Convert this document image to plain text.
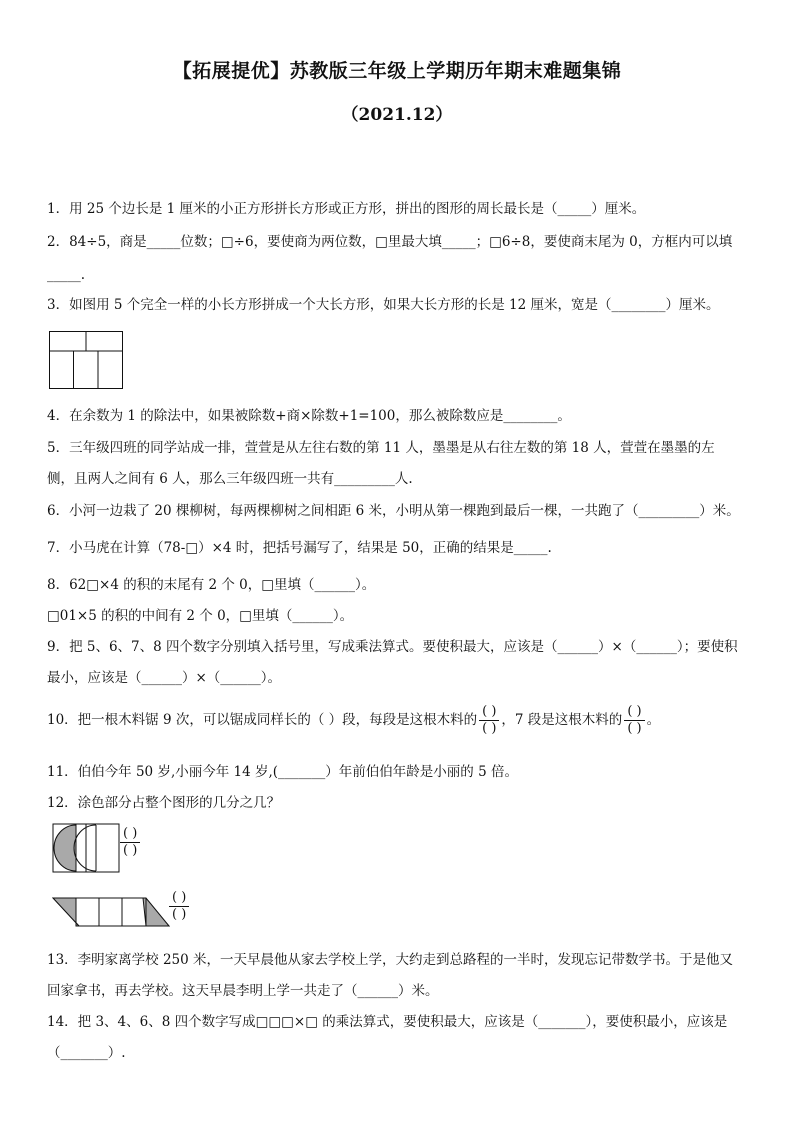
【拓展提优】苏教版三年级上学期历年期末难题集锦
（2021.12）
1．用 25 个边长是 1 厘米的小正方形拼长方形或正方形，拼出的图形的周长最长是（_____）厘米。
2．84÷5，商是_____位数；□÷6，要使商为两位数，□里最大填_____；□6÷8，要使商末尾为 0，方框内可以填
_____.
3．如图用 5 个完全一样的小长方形拼成一个大长方形，如果大长方形的长是 12 厘米，宽是（________）厘米。
4．在余数为 1 的除法中，如果被除数+商×除数+1=100，那么被除数应是________。
5．三年级四班的同学站成一排，萱萱是从左往右数的第 11 人，墨墨是从右往左数的第 18 人，萱萱在墨墨的左
侧，且两人之间有 6 人，那么三年级四班一共有_________人.
6．小河一边栽了 20 棵柳树，每两棵柳树之间相距 6 米，小明从第一棵跑到最后一棵，一共跑了（_________）米。
7．小马虎在计算（78-□）×4 时，把括号漏写了，结果是 50，正确的结果是_____.
8．62□×4 的积的末尾有 2 个 0，□里填（______）。
□01×5 的积的中间有 2 个 0，□里填（______）。
9．把 5、6、7、8 四个数字分别填入括号里，写成乘法算式。要使积最大，应该是（______）×（______）；要使积
最小，应该是（______）×（______）。
10．把一根木料锯 9 次，可以锯成同样长的（ ）段，每段是这根木料的 $\frac{( )}{( )}$ ，7 段是这根木料的 $\frac{( )}{( )}$ 。
11．伯伯今年 50 岁,小丽今年 14 岁,(_______）年前伯伯年龄是小丽的 5 倍。
12．涂色部分占整个图形的几分之几？
( )
( )
( )
( )
13．李明家离学校 250 米，一天早晨他从家去学校上学，大约走到总路程的一半时，发现忘记带数学书。于是他又
回家拿书，再去学校。这天早晨李明上学一共走了（______）米。
14．把 3、4、6、8 四个数字写成□□□×□ 的乘法算式，要使积最大，应该是（_______），要使积最小，应该是
（_______）.
